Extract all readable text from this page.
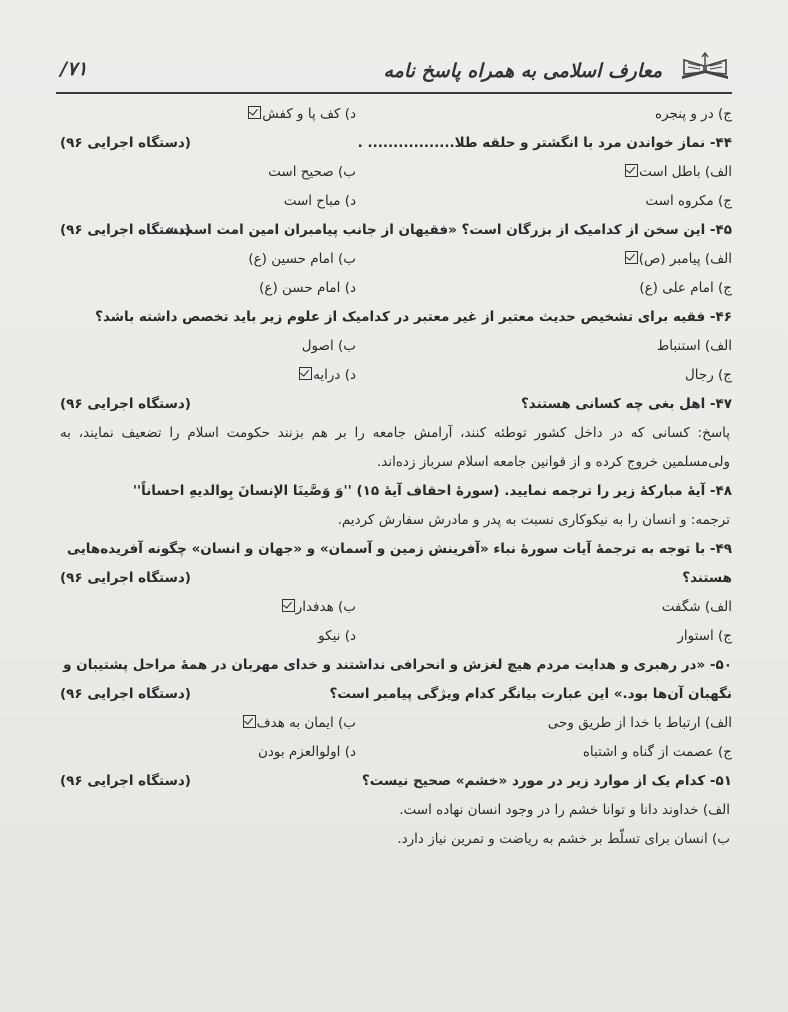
معارف اسلامی به همراه پاسخ نامه
۷۱/
ج) در و پنجره
د) کف پا و کفش
۴۴- نماز خواندن مرد با انگشتر و حلقه طلا................. .
(دستگاه اجرایی ۹۶)
الف) باطل است
ب) صحیح است
ج) مکروه است
د) مباح است
۴۵- این سخن از کدامیک از بزرگان است؟ «فقیهان از جانب پیامبران امین امت است.»
(دستگاه اجرایی ۹۶)
الف) پیامبر (ص)
ب) امام حسین (ع)
ج) امام علی (ع)
د) امام حسن (ع)
۴۶- فقیه برای تشخیص حدیث معتبر از غیر معتبر در کدامیک از علوم زیر باید تخصص داشته باشد؟
الف) استنباط
ب) اصول
ج) رجال
د) درایه
۴۷- اهل بغی چه کسانی هستند؟
(دستگاه اجرایی ۹۶)
پاسخ: کسانی که در داخل کشور توطئه کنند، آرامش جامعه را بر هم بزنند حکومت اسلام را تضعیف نمایند، به ولی‌مسلمین خروج کرده و از قوانین جامعه اسلام سرباز زده‌اند.
۴۸- آیهٔ مبارکهٔ زیر را ترجمه نمایید. (سورهٔ احقاف آیهٔ ۱۵) ''وَ وَصَّینَا الإنسانَ بِوالدیهِ احساناً''
ترجمه: و انسان را به نیکوکاری نسبت به پدر و مادرش سفارش کردیم.
۴۹- با توجه به ترجمهٔ آیات سورهٔ نباء «آفرینش زمین و آسمان» و «جهان و انسان» چگونه آفریده‌هایی
هستند؟
(دستگاه اجرایی ۹۶)
الف) شگفت
ب) هدفدار
ج) استوار
د) نیکو
۵۰- «در رهبری و هدایت مردم هیچ لغزش و انحرافی نداشتند و خدای مهربان در همهٔ مراحل پشتیبان و
نگهبان آن‌ها بود.» این عبارت بیانگر کدام ویژگی پیامبر است؟
(دستگاه اجرایی ۹۶)
الف) ارتباط با خدا از طریق وحی
ب) ایمان به هدف
ج) عصمت از گناه و اشتباه
د) اولوالعزم بودن
۵۱- کدام یک از موارد زیر در مورد «خشم» صحیح نیست؟
(دستگاه اجرایی ۹۶)
الف) خداوند دانا و توانا خشم را در وجود انسان نهاده است.
ب) انسان برای تسلّط بر خشم به ریاضت و تمرین نیاز دارد.
